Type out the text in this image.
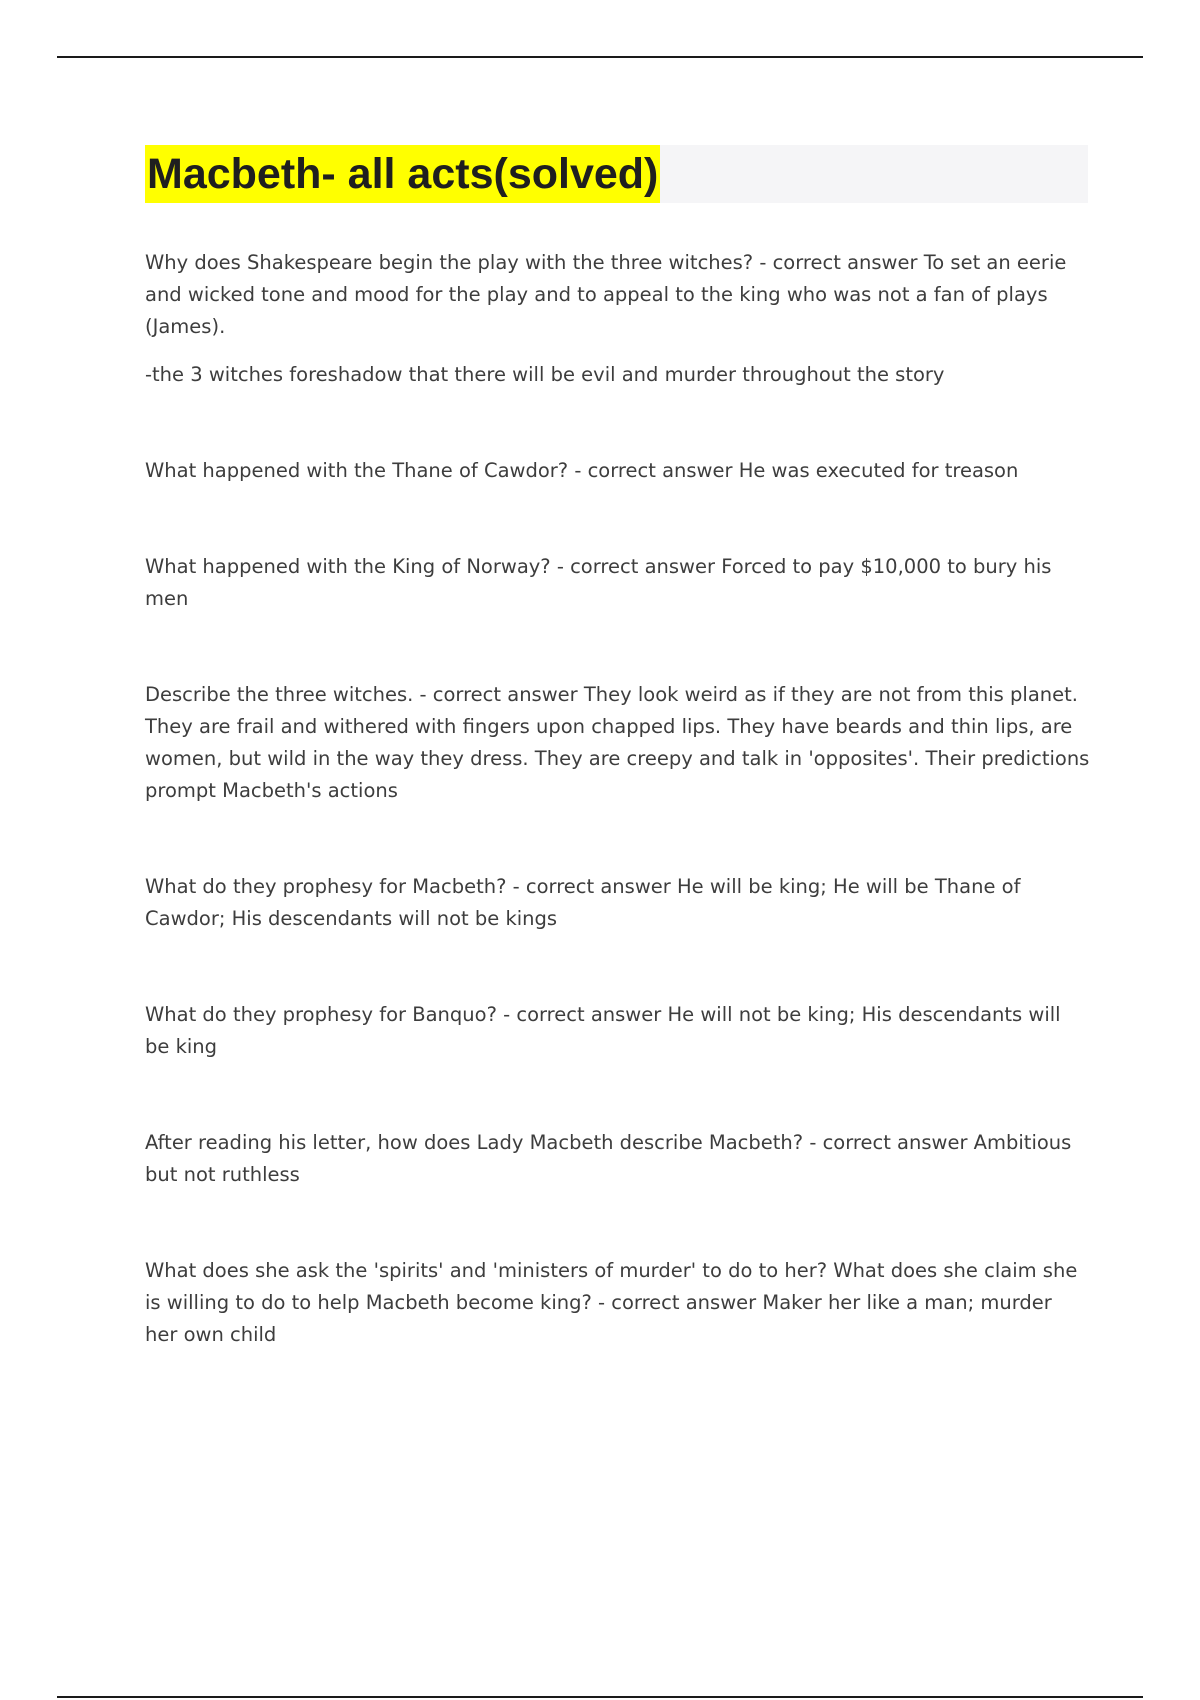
Macbeth- all acts(solved)

Why does Shakespeare begin the play with the three witches? - correct answer To set an eerie and wicked tone and mood for the play and to appeal to the king who was not a fan of plays (James).

-the 3 witches foreshadow that there will be evil and murder throughout the story

What happened with the Thane of Cawdor? - correct answer He was executed for treason

What happened with the King of Norway? - correct answer Forced to pay $10,000 to bury his men

Describe the three witches. - correct answer They look weird as if they are not from this planet. They are frail and withered with fingers upon chapped lips. They have beards and thin lips, are women, but wild in the way they dress. They are creepy and talk in 'opposites'. Their predictions prompt Macbeth's actions

What do they prophesy for Macbeth? - correct answer He will be king; He will be Thane of Cawdor; His descendants will not be kings

What do they prophesy for Banquo? - correct answer He will not be king; His descendants will be king

After reading his letter, how does Lady Macbeth describe Macbeth? - correct answer Ambitious but not ruthless

What does she ask the 'spirits' and 'ministers of murder' to do to her? What does she claim she is willing to do to help Macbeth become king? - correct answer Maker her like a man; murder her own child
